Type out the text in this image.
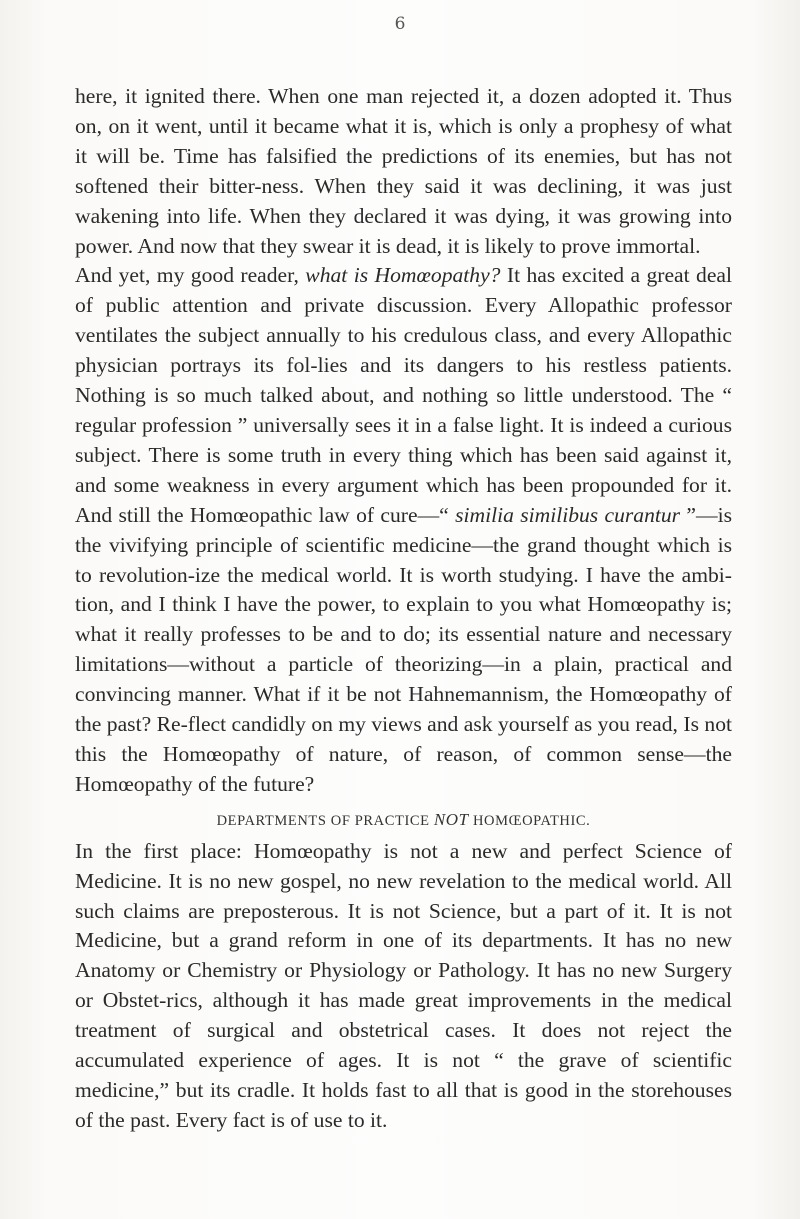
6

here, it ignited there. When one man rejected it, a dozen adopted it. Thus on, on it went, until it became what it is, which is only a prophesy of what it will be. Time has falsified the predictions of its enemies, but has not softened their bitter-ness. When they said it was declining, it was just wakening into life. When they declared it was dying, it was growing into power. And now that they swear it is dead, it is likely to prove immortal.

And yet, my good reader, what is Homœopathy? It has excited a great deal of public attention and private discussion. Every Allopathic professor ventilates the subject annually to his credulous class, and every Allopathic physician portrays its fol-lies and its dangers to his restless patients. Nothing is so much talked about, and nothing so little understood. The “ regular profession ” universally sees it in a false light. It is indeed a curious subject. There is some truth in every thing which has been said against it, and some weakness in every argument which has been propounded for it. And still the Homœopathic law of cure—“ similia similibus curantur ”—is the vivifying principle of scientific medicine—the grand thought which is to revolution-ize the medical world. It is worth studying. I have the ambi-tion, and I think I have the power, to explain to you what Homœopathy is; what it really professes to be and to do; its essential nature and necessary limitations—without a particle of theorizing—in a plain, practical and convincing manner. What if it be not Hahnemannism, the Homœopathy of the past? Re-flect candidly on my views and ask yourself as you read, Is not this the Homœopathy of nature, of reason, of common sense—the Homœopathy of the future?

DEPARTMENTS OF PRACTICE NOT HOMŒOPATHIC.

In the first place: Homœopathy is not a new and perfect Science of Medicine. It is no new gospel, no new revelation to the medical world. All such claims are preposterous. It is not Science, but a part of it. It is not Medicine, but a grand reform in one of its departments. It has no new Anatomy or Chemistry or Physiology or Pathology. It has no new Surgery or Obstet-rics, although it has made great improvements in the medical treatment of surgical and obstetrical cases. It does not reject the accumulated experience of ages. It is not “ the grave of scientific medicine,” but its cradle. It holds fast to all that is good in the storehouses of the past. Every fact is of use to it.
